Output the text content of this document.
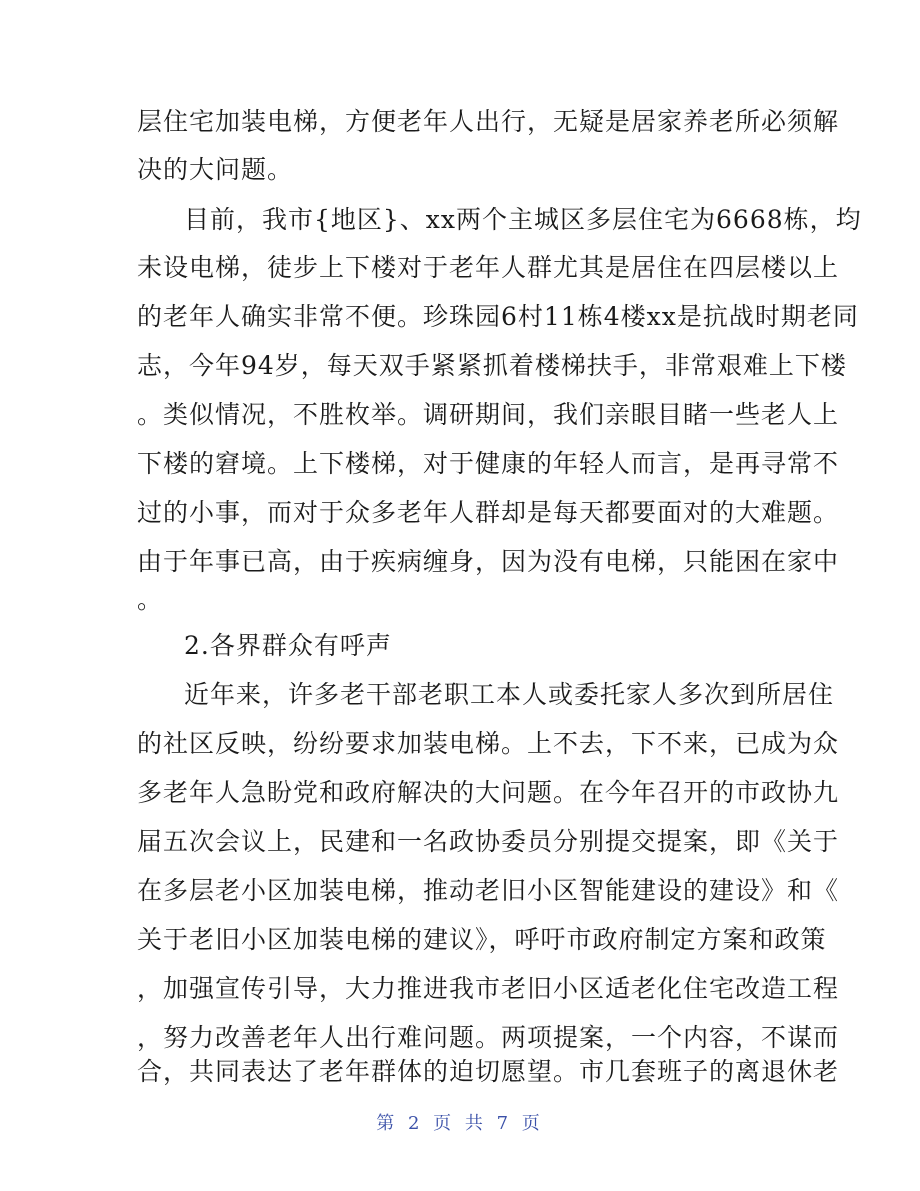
层住宅加装电梯，方便老年人出行，无疑是居家养老所必须解
决的大问题。
目前，我市{地区}、xx两个主城区多层住宅为6668栋，均
未设电梯，徒步上下楼对于老年人群尤其是居住在四层楼以上
的老年人确实非常不便。珍珠园6村11栋4楼xx是抗战时期老同
志，今年94岁，每天双手紧紧抓着楼梯扶手，非常艰难上下楼
。类似情况，不胜枚举。调研期间，我们亲眼目睹一些老人上
下楼的窘境。上下楼梯，对于健康的年轻人而言，是再寻常不
过的小事，而对于众多老年人群却是每天都要面对的大难题。
由于年事已高，由于疾病缠身，因为没有电梯，只能困在家中
。
2.各界群众有呼声
近年来，许多老干部老职工本人或委托家人多次到所居住
的社区反映，纷纷要求加装电梯。上不去，下不来，已成为众
多老年人急盼党和政府解决的大问题。在今年召开的市政协九
届五次会议上，民建和一名政协委员分别提交提案，即《关于
在多层老小区加装电梯，推动老旧小区智能建设的建设》和《
关于老旧小区加装电梯的建议》，呼吁市政府制定方案和政策
，加强宣传引导，大力推进我市老旧小区适老化住宅改造工程
，努力改善老年人出行难问题。两项提案，一个内容，不谋而
合，共同表达了老年群体的迫切愿望。市几套班子的离退休老
第 2 页 共 7 页
